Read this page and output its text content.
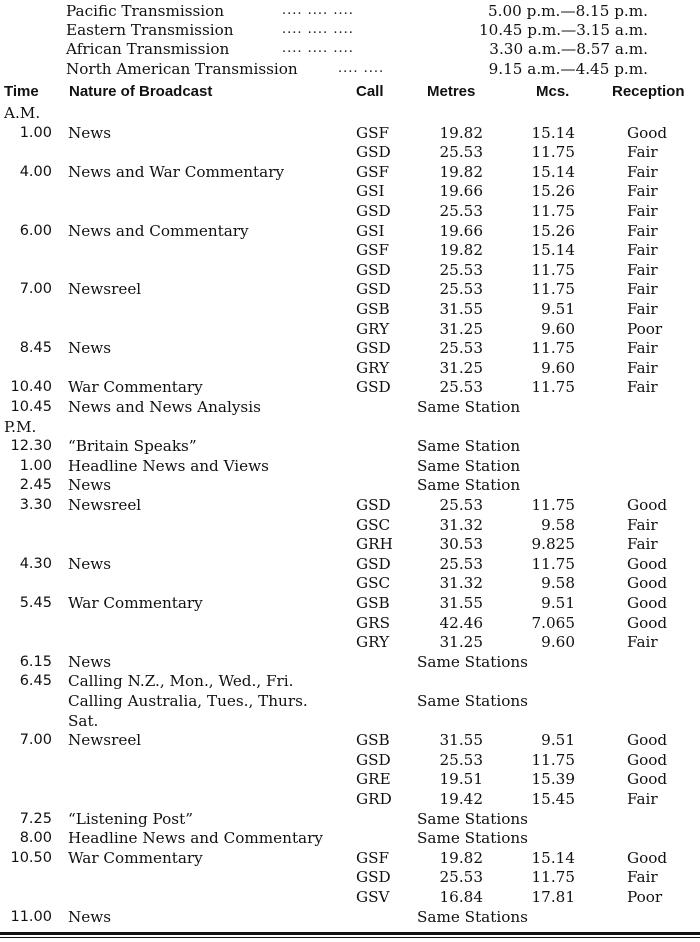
Pacific Transmission	.... .... ....	5.00 p.m.—8.15 p.m.
Eastern Transmission	.... .... ....	10.45 p.m.—3.15 a.m.
African Transmission	.... .... ....	3.30 a.m.—8.57 a.m.
North American Transmission	.... ....	9.15 a.m.—4.45 p.m.
Time Nature of Broadcast	Call	Metres	Mcs.	Reception
A.M.
1.00 News	GSF	19.82	15.14	Good
GSD	25.53	11.75	Fair
4.00 News and War Commentary	GSF	19.82	15.14	Fair
GSI	19.66	15.26	Fair
GSD	25.53	11.75	Fair
6.00 News and Commentary	GSI	19.66	15.26	Fair
GSF	19.82	15.14	Fair
GSD	25.53	11.75	Fair
7.00 Newsreel	GSD	25.53	11.75	Fair
GSB	31.55	9.51	Fair
GRY	31.25	9.60	Poor
8.45 News	GSD	25.53	11.75	Fair
GRY	31.25	9.60	Fair
10.40 War Commentary	GSD	25.53	11.75	Fair
10.45 News and News Analysis	Same Station
P.M.
12.30 “Britain Speaks”	Same Station
1.00 Headline News and Views	Same Station
2.45 News	Same Station
3.30 Newsreel	GSD	25.53	11.75	Good
GSC	31.32	9.58	Fair
GRH	30.53	9.825	Fair
4.30 News	GSD	25.53	11.75	Good
GSC	31.32	9.58	Good
5.45 War Commentary	GSB	31.55	9.51	Good
GRS	42.46	7.065	Good
GRY	31.25	9.60	Fair
6.15 News	Same Stations
6.45 Calling N.Z., Mon., Wed., Fri.
Calling Australia, Tues., Thurs.	Same Stations
Sat.
7.00 Newsreel	GSB	31.55	9.51	Good
GSD	25.53	11.75	Good
GRE	19.51	15.39	Good
GRD	19.42	15.45	Fair
7.25 “Listening Post”	Same Stations
8.00 Headline News and Commentary	Same Stations
10.50 War Commentary	GSF	19.82	15.14	Good
GSD	25.53	11.75	Fair
GSV	16.84	17.81	Poor
11.00 News	Same Stations
